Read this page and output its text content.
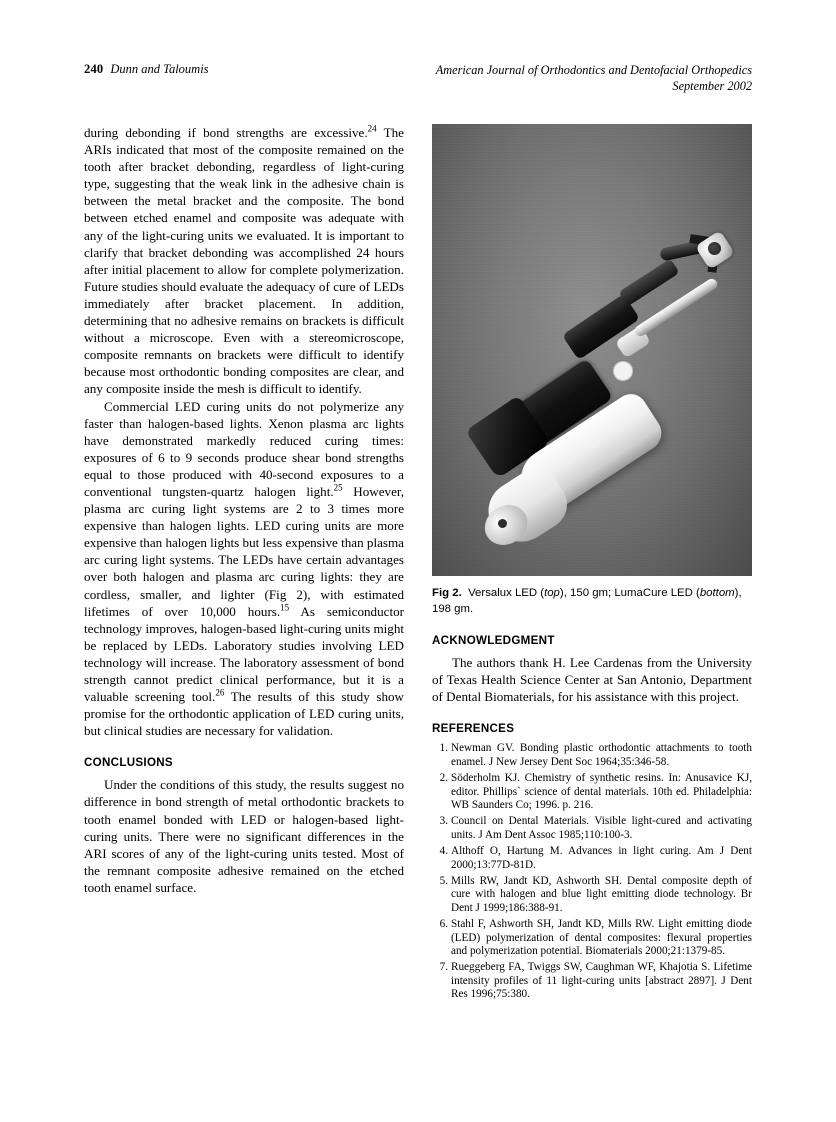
240 Dunn and Taloumis	American Journal of Orthodontics and Dentofacial Orthopedics
September 2002

during debonding if bond strengths are excessive.$^{24}$ The ARIs indicated that most of the composite remained on the tooth after bracket debonding, regardless of light-curing type, suggesting that the weak link in the adhesive chain is between the metal bracket and the composite. The bond between etched enamel and composite was adequate with any of the light-curing units we evaluated. It is important to clarify that bracket debonding was accomplished 24 hours after initial placement to allow for complete polymerization. Future studies should evaluate the adequacy of cure of LEDs immediately after bracket placement. In addition, determining that no adhesive remains on brackets is difficult without a microscope. Even with a stereomicroscope, composite remnants on brackets were difficult to identify because most orthodontic bonding composites are clear, and any composite inside the mesh is difficult to identify.

Commercial LED curing units do not polymerize any faster than halogen-based lights. Xenon plasma arc lights have demonstrated markedly reduced curing times: exposures of 6 to 9 seconds produce shear bond strengths equal to those produced with 40-second exposures to a conventional tungsten-quartz halogen light.$^{25}$ However, plasma arc curing light systems are 2 to 3 times more expensive than halogen lights. LED curing units are more expensive than halogen lights but less expensive than plasma arc curing light systems. The LEDs have certain advantages over both halogen and plasma arc curing lights: they are cordless, smaller, and lighter (Fig 2), with estimated lifetimes of over 10,000 hours.$^{15}$ As semiconductor technology improves, halogen-based light-curing units might be replaced by LEDs. Laboratory studies involving LED technology will increase. The laboratory assessment of bond strength cannot predict clinical performance, but it is a valuable screening tool.$^{26}$ The results of this study show promise for the orthodontic application of LED curing units, but clinical studies are necessary for validation.

CONCLUSIONS

Under the conditions of this study, the results suggest no difference in bond strength of metal orthodontic brackets to tooth enamel bonded with LED or halogen-based light-curing units. There were no significant differences in the ARI scores of any of the light-curing units tested. Most of the remnant composite adhesive remained on the etched tooth enamel surface.

Fig 2. Versalux LED (top), 150 gm; LumaCure LED (bottom), 198 gm.
ACKNOWLEDGMENT

The authors thank H. Lee Cardenas from the University of Texas Health Science Center at San Antonio, Department of Dental Biomaterials, for his assistance with this project.

REFERENCES
Newman GV. Bonding plastic orthodontic attachments to tooth enamel. J New Jersey Dent Soc 1964;35:346-58.
Söderholm KJ. Chemistry of synthetic resins. In: Anusavice KJ, editor. Phillips` science of dental materials. 10th ed. Philadelphia: WB Saunders Co; 1996. p. 216.
Council on Dental Materials. Visible light-cured and activating units. J Am Dent Assoc 1985;110:100-3.
Althoff O, Hartung M. Advances in light curing. Am J Dent 2000;13:77D-81D.
Mills RW, Jandt KD, Ashworth SH. Dental composite depth of cure with halogen and blue light emitting diode technology. Br Dent J 1999;186:388-91.
Stahl F, Ashworth SH, Jandt KD, Mills RW. Light emitting diode (LED) polymerization of dental composites: flexural properties and polymerization potential. Biomaterials 2000;21:1379-85.
Rueggeberg FA, Twiggs SW, Caughman WF, Khajotia S. Lifetime intensity profiles of 11 light-curing units [abstract 2897]. J Dent Res 1996;75:380.
